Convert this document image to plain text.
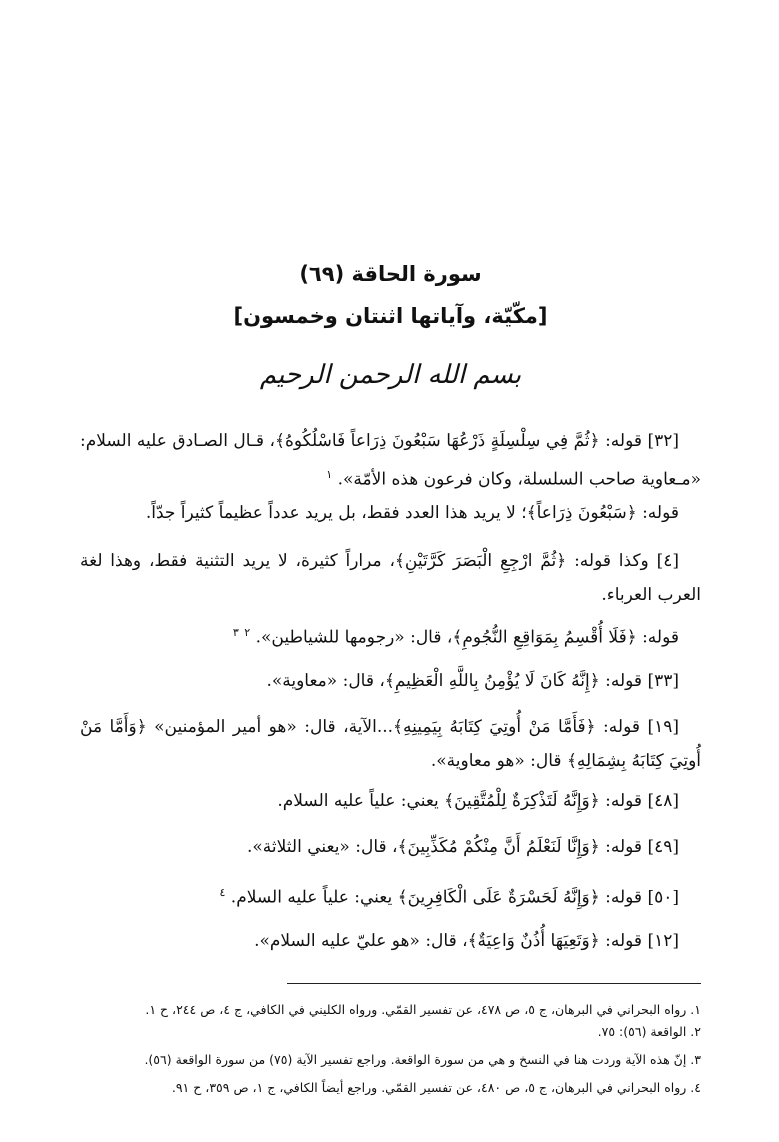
سورة الحاقة (٦٩)
[مكّيّة، وآياتها اثنتان وخمسون]
بسم الله الرحمن الرحيم

[٣٢] قوله: ﴿ثُمَّ فِي سِلْسِلَةٍ ذَرْعُهَا سَبْعُونَ ذِرَاعاً فَاسْلُكُوهُ﴾، قـال الصـادق عليه السلام: «مـعاوية صاحب السلسلة، وكان فرعون هذه الأمّة». $^١$

قوله: ﴿سَبْعُونَ ذِرَاعاً﴾؛ لا يريد هذا العدد فقط، بل يريد عدداً عظيماً كثيراً جدّاً.

[٤] وكذا قوله: ﴿ثُمَّ ارْجِعِ الْبَصَرَ كَرَّتَيْنِ﴾، مراراً كثيرة، لا يريد التثنية فقط، وهذا لغة العرب العرباء.

قوله: ﴿فَلَا أُقْسِمُ بِمَوَاقِعِ النُّجُومِ﴾، قال: «رجومها للشياطين». $^٢$ $^٣$

[٣٣] قوله: ﴿إِنَّهُ كَانَ لَا يُؤْمِنُ بِاللَّهِ الْعَظِيمِ﴾، قال: «معاوية».

[١٩] قوله: ﴿فَأَمَّا مَنْ أُوتِيَ كِتَابَهُ بِيَمِينِهِ﴾...الآية، قال: «هو أمير المؤمنين» ﴿وَأَمَّا مَنْ أُوتِيَ كِتَابَهُ بِشِمَالِهِ﴾ قال: «هو معاوية».

[٤٨] قوله: ﴿وَإِنَّهُ لَتَذْكِرَةٌ لِلْمُتَّقِينَ﴾ يعني: علياً عليه السلام.

[٤٩] قوله: ﴿وَإِنَّا لَنَعْلَمُ أَنَّ مِنْكُمْ مُكَذِّبِينَ﴾، قال: «يعني الثلاثة».

[٥٠] قوله: ﴿وَإِنَّهُ لَحَسْرَةٌ عَلَى الْكَافِرِينَ﴾ يعني: علياً عليه السلام. $^٤$

[١٢] قوله: ﴿وَتَعِيَهَا أُذُنٌ وَاعِيَةٌ﴾، قال: «هو عليّ عليه السلام».

١. رواه البحراني في البرهان، ج ٥، ص ٤٧٨، عن تفسير القمّي. ورواه الكليني في الكافي، ج ٤، ص ٢٤٤، ح ١.

٢. الواقعة (٥٦): ٧٥.

٣. إنّ هذه الآية وردت هنا في النسخ و هي من سورة الواقعة. وراجع تفسير الآية (٧٥) من سورة الواقعة (٥٦).

٤. رواه البحراني في البرهان، ج ٥، ص ٤٨٠، عن تفسير القمّي. وراجع أيضاً الكافي، ج ١، ص ٣٥٩، ح ٩١.
